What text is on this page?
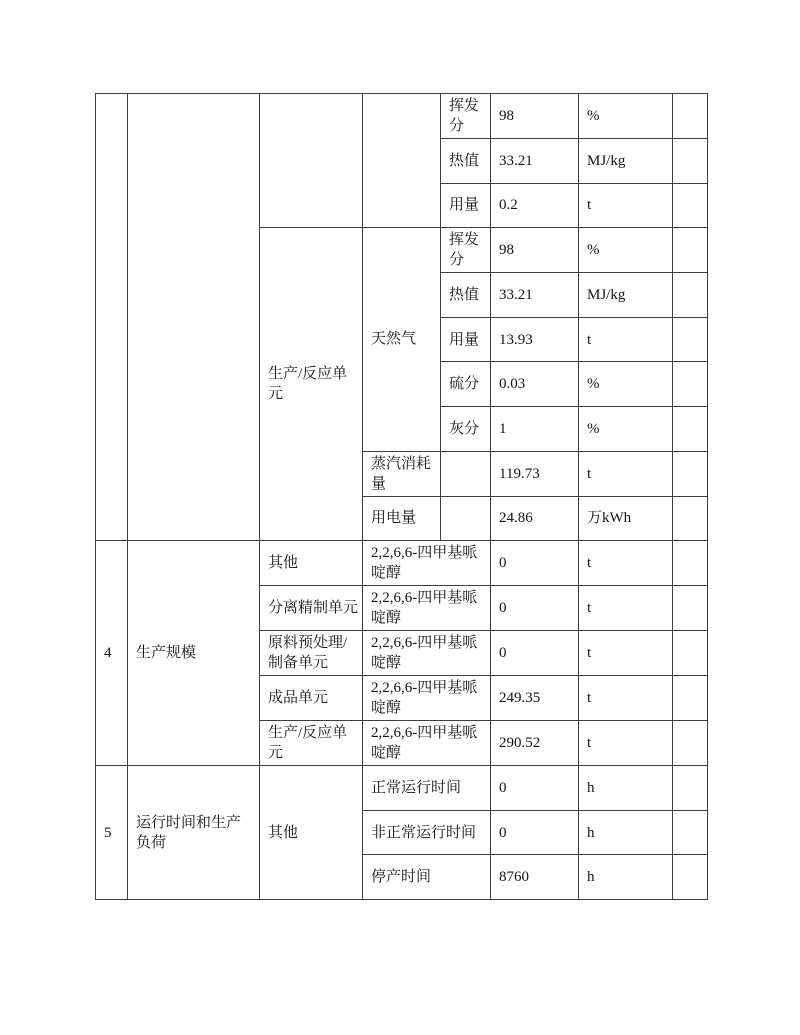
				挥发分	98	%	
				热值	33.21	MJ/kg	
				用量	0.2	t	
		生产/反应单元	天然气	挥发分	98	%	
				热值	33.21	MJ/kg	
				用量	13.93	t	
				硫分	0.03	%	
				灰分	1	%	
			蒸汽消耗量		119.73	t	
			用电量		24.86	万kWh	
4	生产规模	其他	2,2,6,6-四甲基哌啶醇		0	t	
		分离精制单元	2,2,6,6-四甲基哌啶醇		0	t	
		原料预处理/制备单元	2,2,6,6-四甲基哌啶醇		0	t	
		成品单元	2,2,6,6-四甲基哌啶醇		249.35	t	
		生产/反应单元	2,2,6,6-四甲基哌啶醇		290.52	t	
5	运行时间和生产负荷	其他	正常运行时间		0	h	
			非正常运行时间		0	h	
			停产时间		8760	h	
